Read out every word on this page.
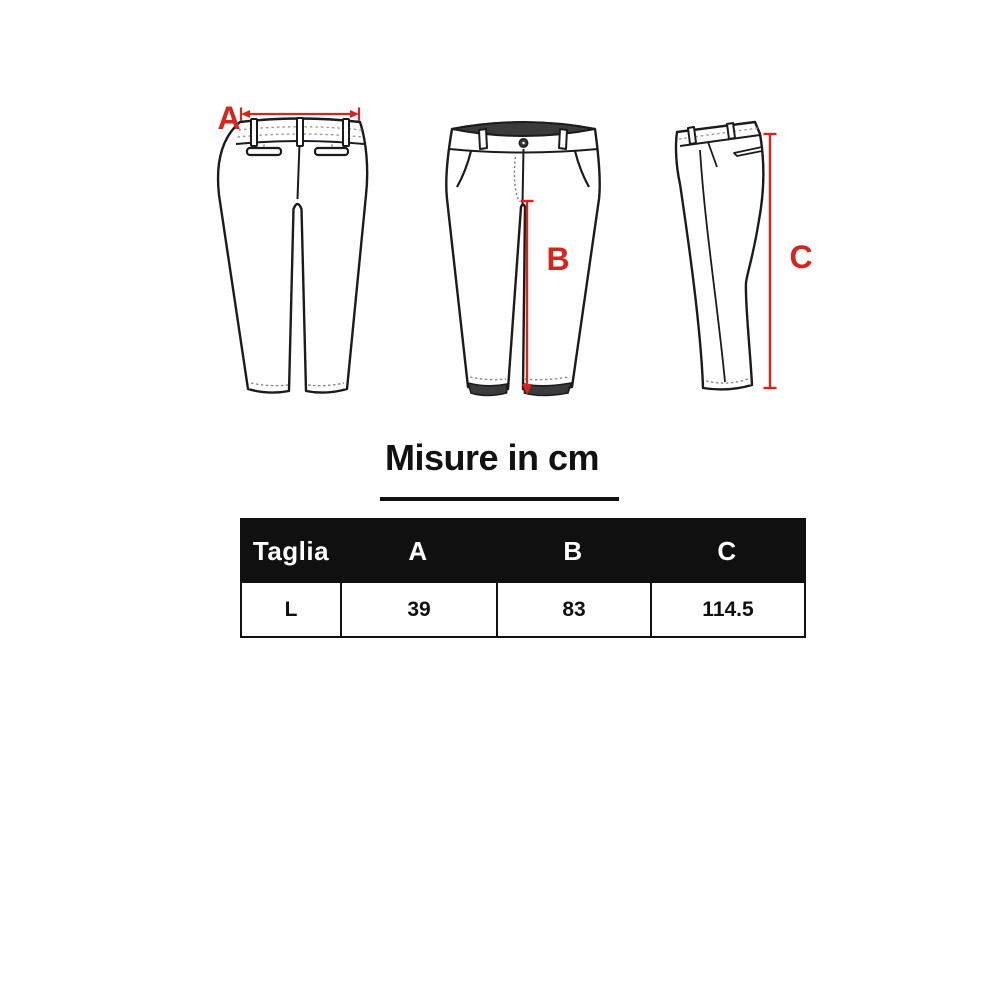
A
B	C
Misure in cm
Taglia	A	B	C
L	39	83	114.5
